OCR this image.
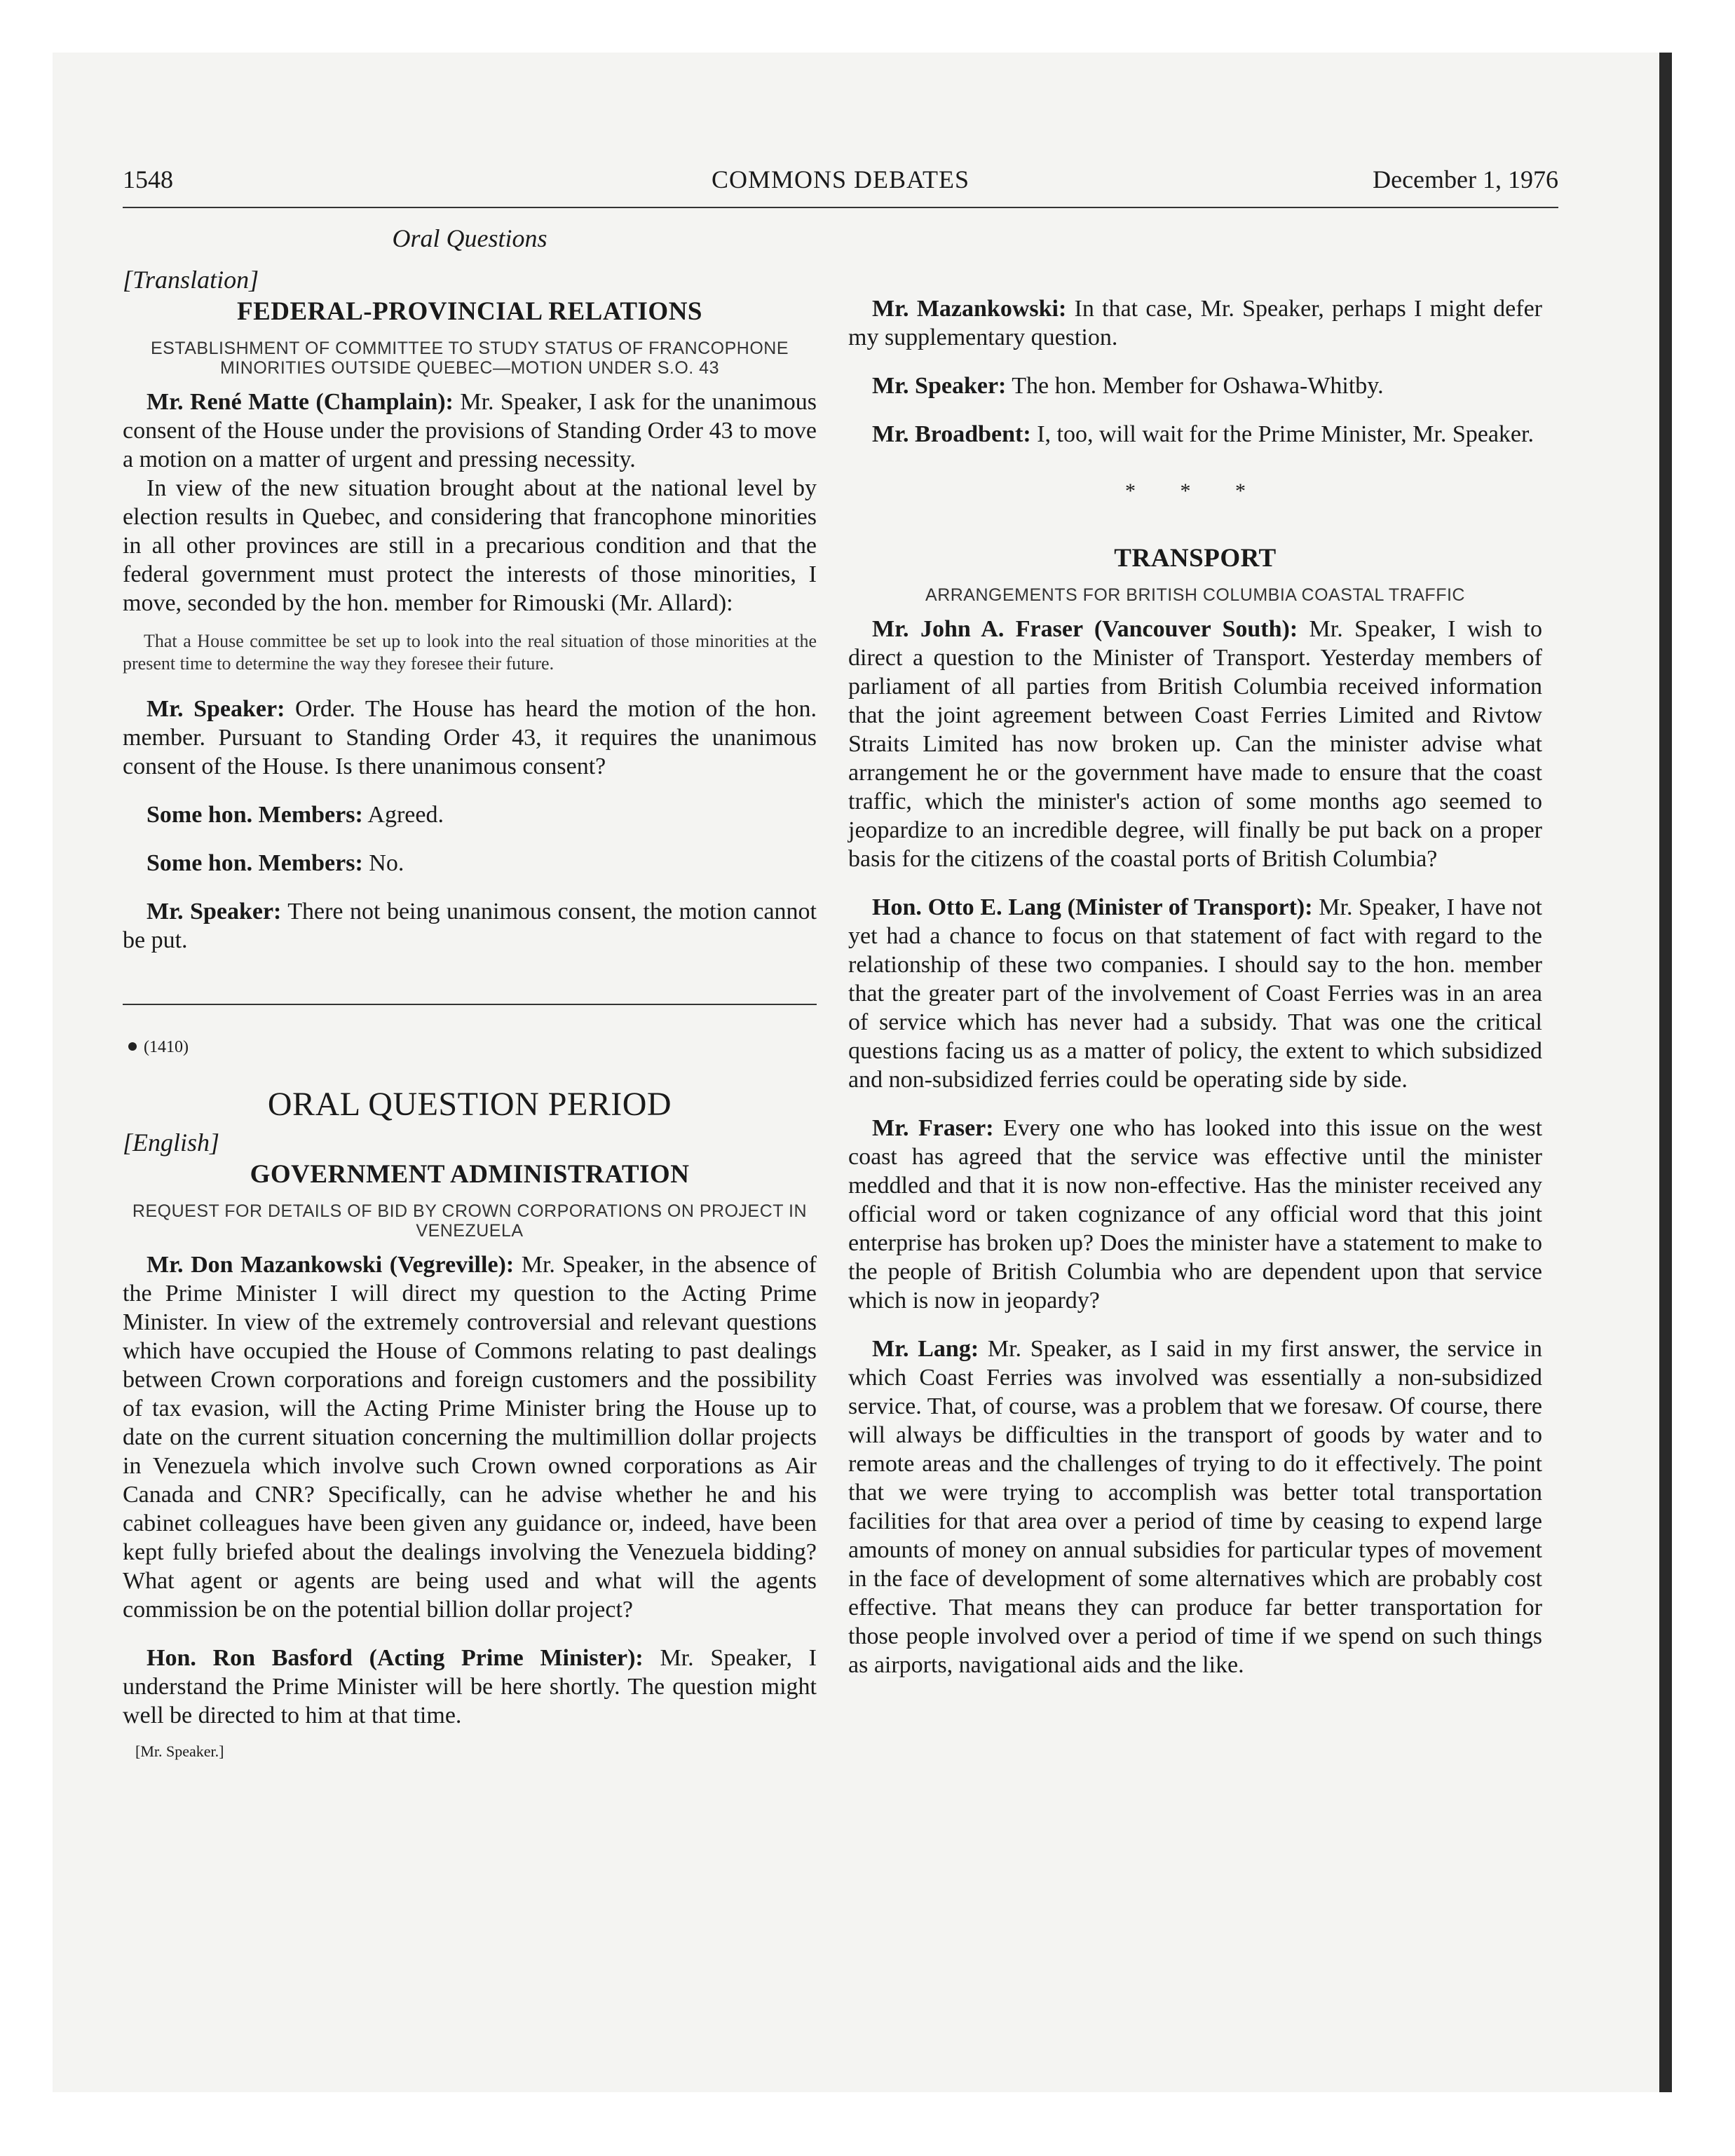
1548	COMMONS DEBATES	December 1, 1976

Oral Questions

[Translation]

FEDERAL-PROVINCIAL RELATIONS

ESTABLISHMENT OF COMMITTEE TO STUDY STATUS OF FRANCOPHONE MINORITIES OUTSIDE QUEBEC—MOTION UNDER S.O. 43

Mr. René Matte (Champlain): Mr. Speaker, I ask for the unanimous consent of the House under the provisions of Standing Order 43 to move a motion on a matter of urgent and pressing necessity.

In view of the new situation brought about at the national level by election results in Quebec, and considering that francophone minorities in all other provinces are still in a precarious condition and that the federal government must protect the interests of those minorities, I move, seconded by the hon. member for Rimouski (Mr. Allard):

That a House committee be set up to look into the real situation of those minorities at the present time to determine the way they foresee their future.

Mr. Speaker: Order. The House has heard the motion of the hon. member. Pursuant to Standing Order 43, it requires the unanimous consent of the House. Is there unanimous consent?

Some hon. Members: Agreed.

Some hon. Members: No.

Mr. Speaker: There not being unanimous consent, the motion cannot be put.

(1410)

ORAL QUESTION PERIOD

[English]

GOVERNMENT ADMINISTRATION

REQUEST FOR DETAILS OF BID BY CROWN CORPORATIONS ON PROJECT IN VENEZUELA

Mr. Don Mazankowski (Vegreville): Mr. Speaker, in the absence of the Prime Minister I will direct my question to the Acting Prime Minister. In view of the extremely controversial and relevant questions which have occupied the House of Commons relating to past dealings between Crown corporations and foreign customers and the possibility of tax evasion, will the Acting Prime Minister bring the House up to date on the current situation concerning the multimillion dollar projects in Venezuela which involve such Crown owned corporations as Air Canada and CNR? Specifically, can he advise whether he and his cabinet colleagues have been given any guidance or, indeed, have been kept fully briefed about the dealings involving the Venezuela bidding? What agent or agents are being used and what will the agents commission be on the potential billion dollar project?

Hon. Ron Basford (Acting Prime Minister): Mr. Speaker, I understand the Prime Minister will be here shortly. The question might well be directed to him at that time.

[Mr. Speaker.]

Mr. Mazankowski: In that case, Mr. Speaker, perhaps I might defer my supplementary question.

Mr. Speaker: The hon. Member for Oshawa-Whitby.

Mr. Broadbent: I, too, will wait for the Prime Minister, Mr. Speaker.

* * *

TRANSPORT

ARRANGEMENTS FOR BRITISH COLUMBIA COASTAL TRAFFIC

Mr. John A. Fraser (Vancouver South): Mr. Speaker, I wish to direct a question to the Minister of Transport. Yesterday members of parliament of all parties from British Columbia received information that the joint agreement between Coast Ferries Limited and Rivtow Straits Limited has now broken up. Can the minister advise what arrangement he or the government have made to ensure that the coast traffic, which the minister's action of some months ago seemed to jeopardize to an incredible degree, will finally be put back on a proper basis for the citizens of the coastal ports of British Columbia?

Hon. Otto E. Lang (Minister of Transport): Mr. Speaker, I have not yet had a chance to focus on that statement of fact with regard to the relationship of these two companies. I should say to the hon. member that the greater part of the involvement of Coast Ferries was in an area of service which has never had a subsidy. That was one the critical questions facing us as a matter of policy, the extent to which subsidized and non-subsidized ferries could be operating side by side.

Mr. Fraser: Every one who has looked into this issue on the west coast has agreed that the service was effective until the minister meddled and that it is now non-effective. Has the minister received any official word or taken cognizance of any official word that this joint enterprise has broken up? Does the minister have a statement to make to the people of British Columbia who are dependent upon that service which is now in jeopardy?

Mr. Lang: Mr. Speaker, as I said in my first answer, the service in which Coast Ferries was involved was essentially a non-subsidized service. That, of course, was a problem that we foresaw. Of course, there will always be difficulties in the transport of goods by water and to remote areas and the challenges of trying to do it effectively. The point that we were trying to accomplish was better total transportation facilities for that area over a period of time by ceasing to expend large amounts of money on annual subsidies for particular types of movement in the face of development of some alternatives which are probably cost effective. That means they can produce far better transportation for those people involved over a period of time if we spend on such things as airports, navigational aids and the like.
